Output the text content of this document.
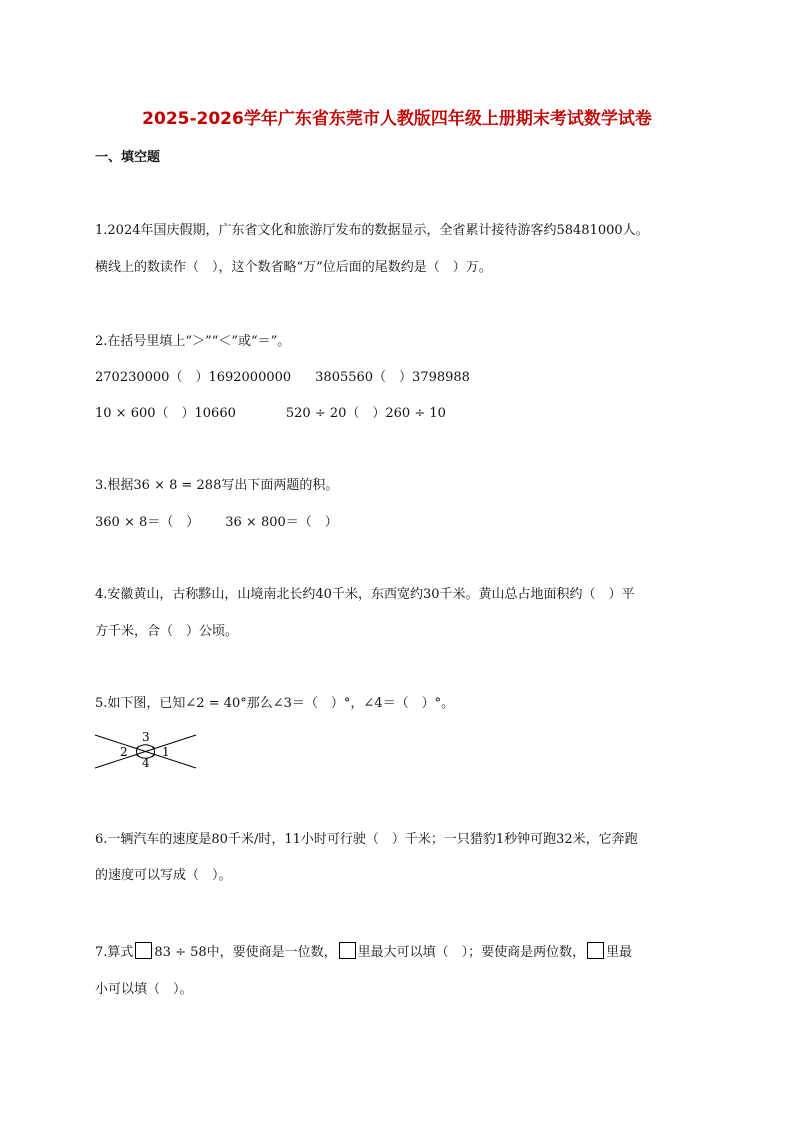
2025-2026学年广东省东莞市人教版四年级上册期末考试数学试卷
一、填空题
1.2024年国庆假期，广东省文化和旅游厅发布的数据显示，全省累计接待游客约58481000人。
横线上的数读作（　），这个数省略“万”位后面的尾数约是（　）万。
2.在括号里填上“＞”“＜”或“＝”。
270230000（　）1692000000 3805560（　）3798988
10 × 600（　）10660	520 ÷ 20（　）260 ÷ 10
3.根据36 × 8 = 288写出下面两题的积。
360 × 8＝（　） 36 × 800＝（　）
4.安徽黄山，古称黟山，山境南北长约40千米，东西宽约30千米。黄山总占地面积约（　）平
方千米，合（　）公顷。
5.如下图，已知∠2 = 40°那么∠3＝（　）°，∠4＝（　）°。
3
2	1
4
6.一辆汽车的速度是80千米/时，11小时可行驶（　）千米；一只猎豹1秒钟可跑32米，它奔跑
的速度可以写成（　）。
7.算式 83 ÷ 58中，要使商是一位数， 里最大可以填（　）；要使商是两位数， 里最
小可以填（　）。
